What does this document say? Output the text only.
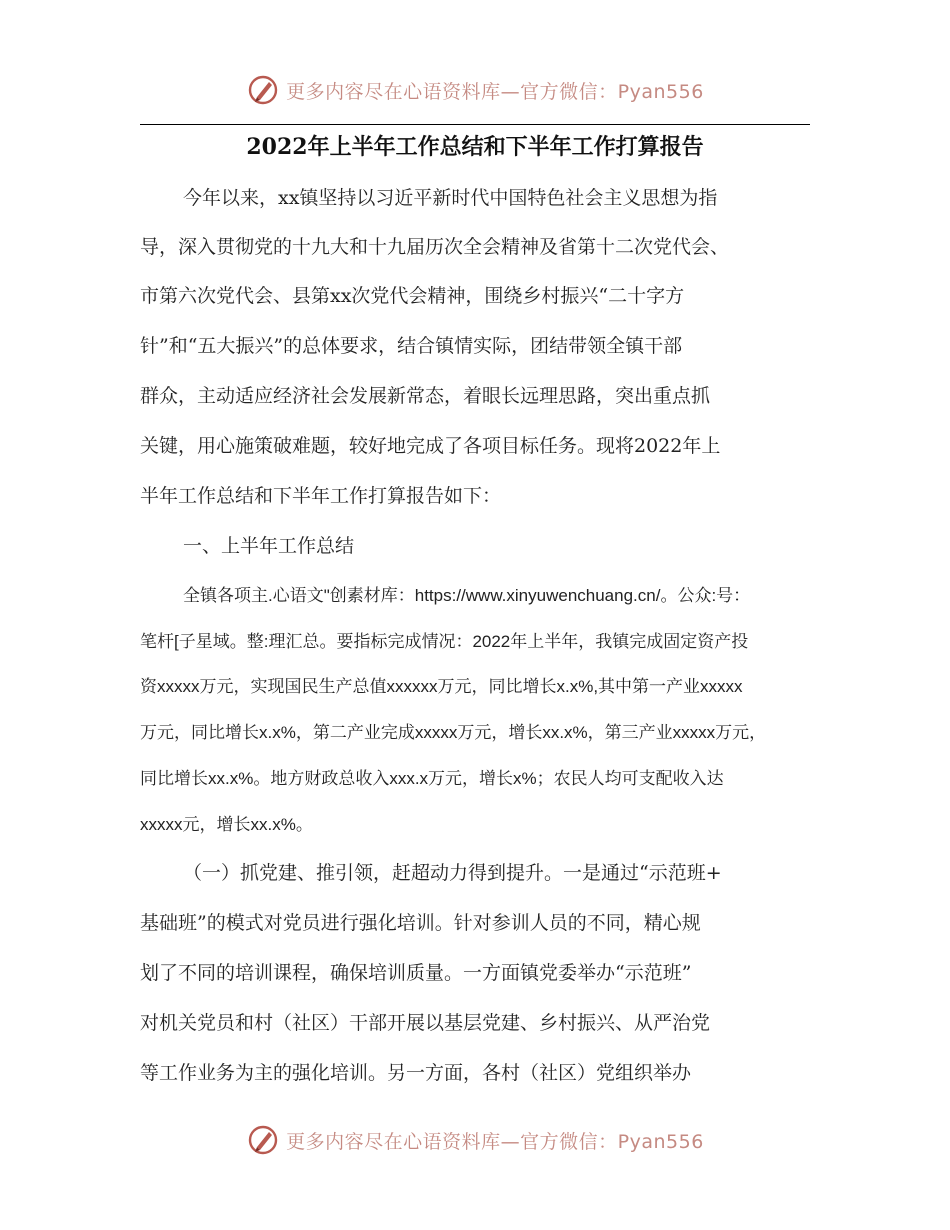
更多内容尽在心语资料库—官方微信：Pyan556
2022年上半年工作总结和下半年工作打算报告
今年以来，xx镇坚持以习近平新时代中国特色社会主义思想为指
导，深入贯彻党的十九大和十九届历次全会精神及省第十二次党代会、
市第六次党代会、县第xx次党代会精神，围绕乡村振兴“二十字方
针”和“五大振兴”的总体要求，结合镇情实际，团结带领全镇干部
群众，主动适应经济社会发展新常态，着眼长远理思路，突出重点抓
关键，用心施策破难题，较好地完成了各项目标任务。现将2022年上
半年工作总结和下半年工作打算报告如下：
一、上半年工作总结
全镇各项主.心语文"创素材库：https://www.xinyuwenchuang.cn/。公众:号：
笔杆[子星域。整:理汇总。要指标完成情况：2022年上半年，我镇完成固定资产投
资xxxxx万元，实现国民生产总值xxxxxx万元，同比增长x.x%,其中第一产业xxxxx
万元，同比增长x.x%，第二产业完成xxxxx万元，增长xx.x%，第三产业xxxxx万元，
同比增长xx.x%。地方财政总收入xxx.x万元，增长x%；农民人均可支配收入达
xxxxx元，增长xx.x%。
（一）抓党建、推引领，赶超动力得到提升。一是通过“示范班+
基础班”的模式对党员进行强化培训。针对参训人员的不同，精心规
划了不同的培训课程，确保培训质量。一方面镇党委举办“示范班”
对机关党员和村（社区）干部开展以基层党建、乡村振兴、从严治党
等工作业务为主的强化培训。另一方面，各村（社区）党组织举办
更多内容尽在心语资料库—官方微信：Pyan556
